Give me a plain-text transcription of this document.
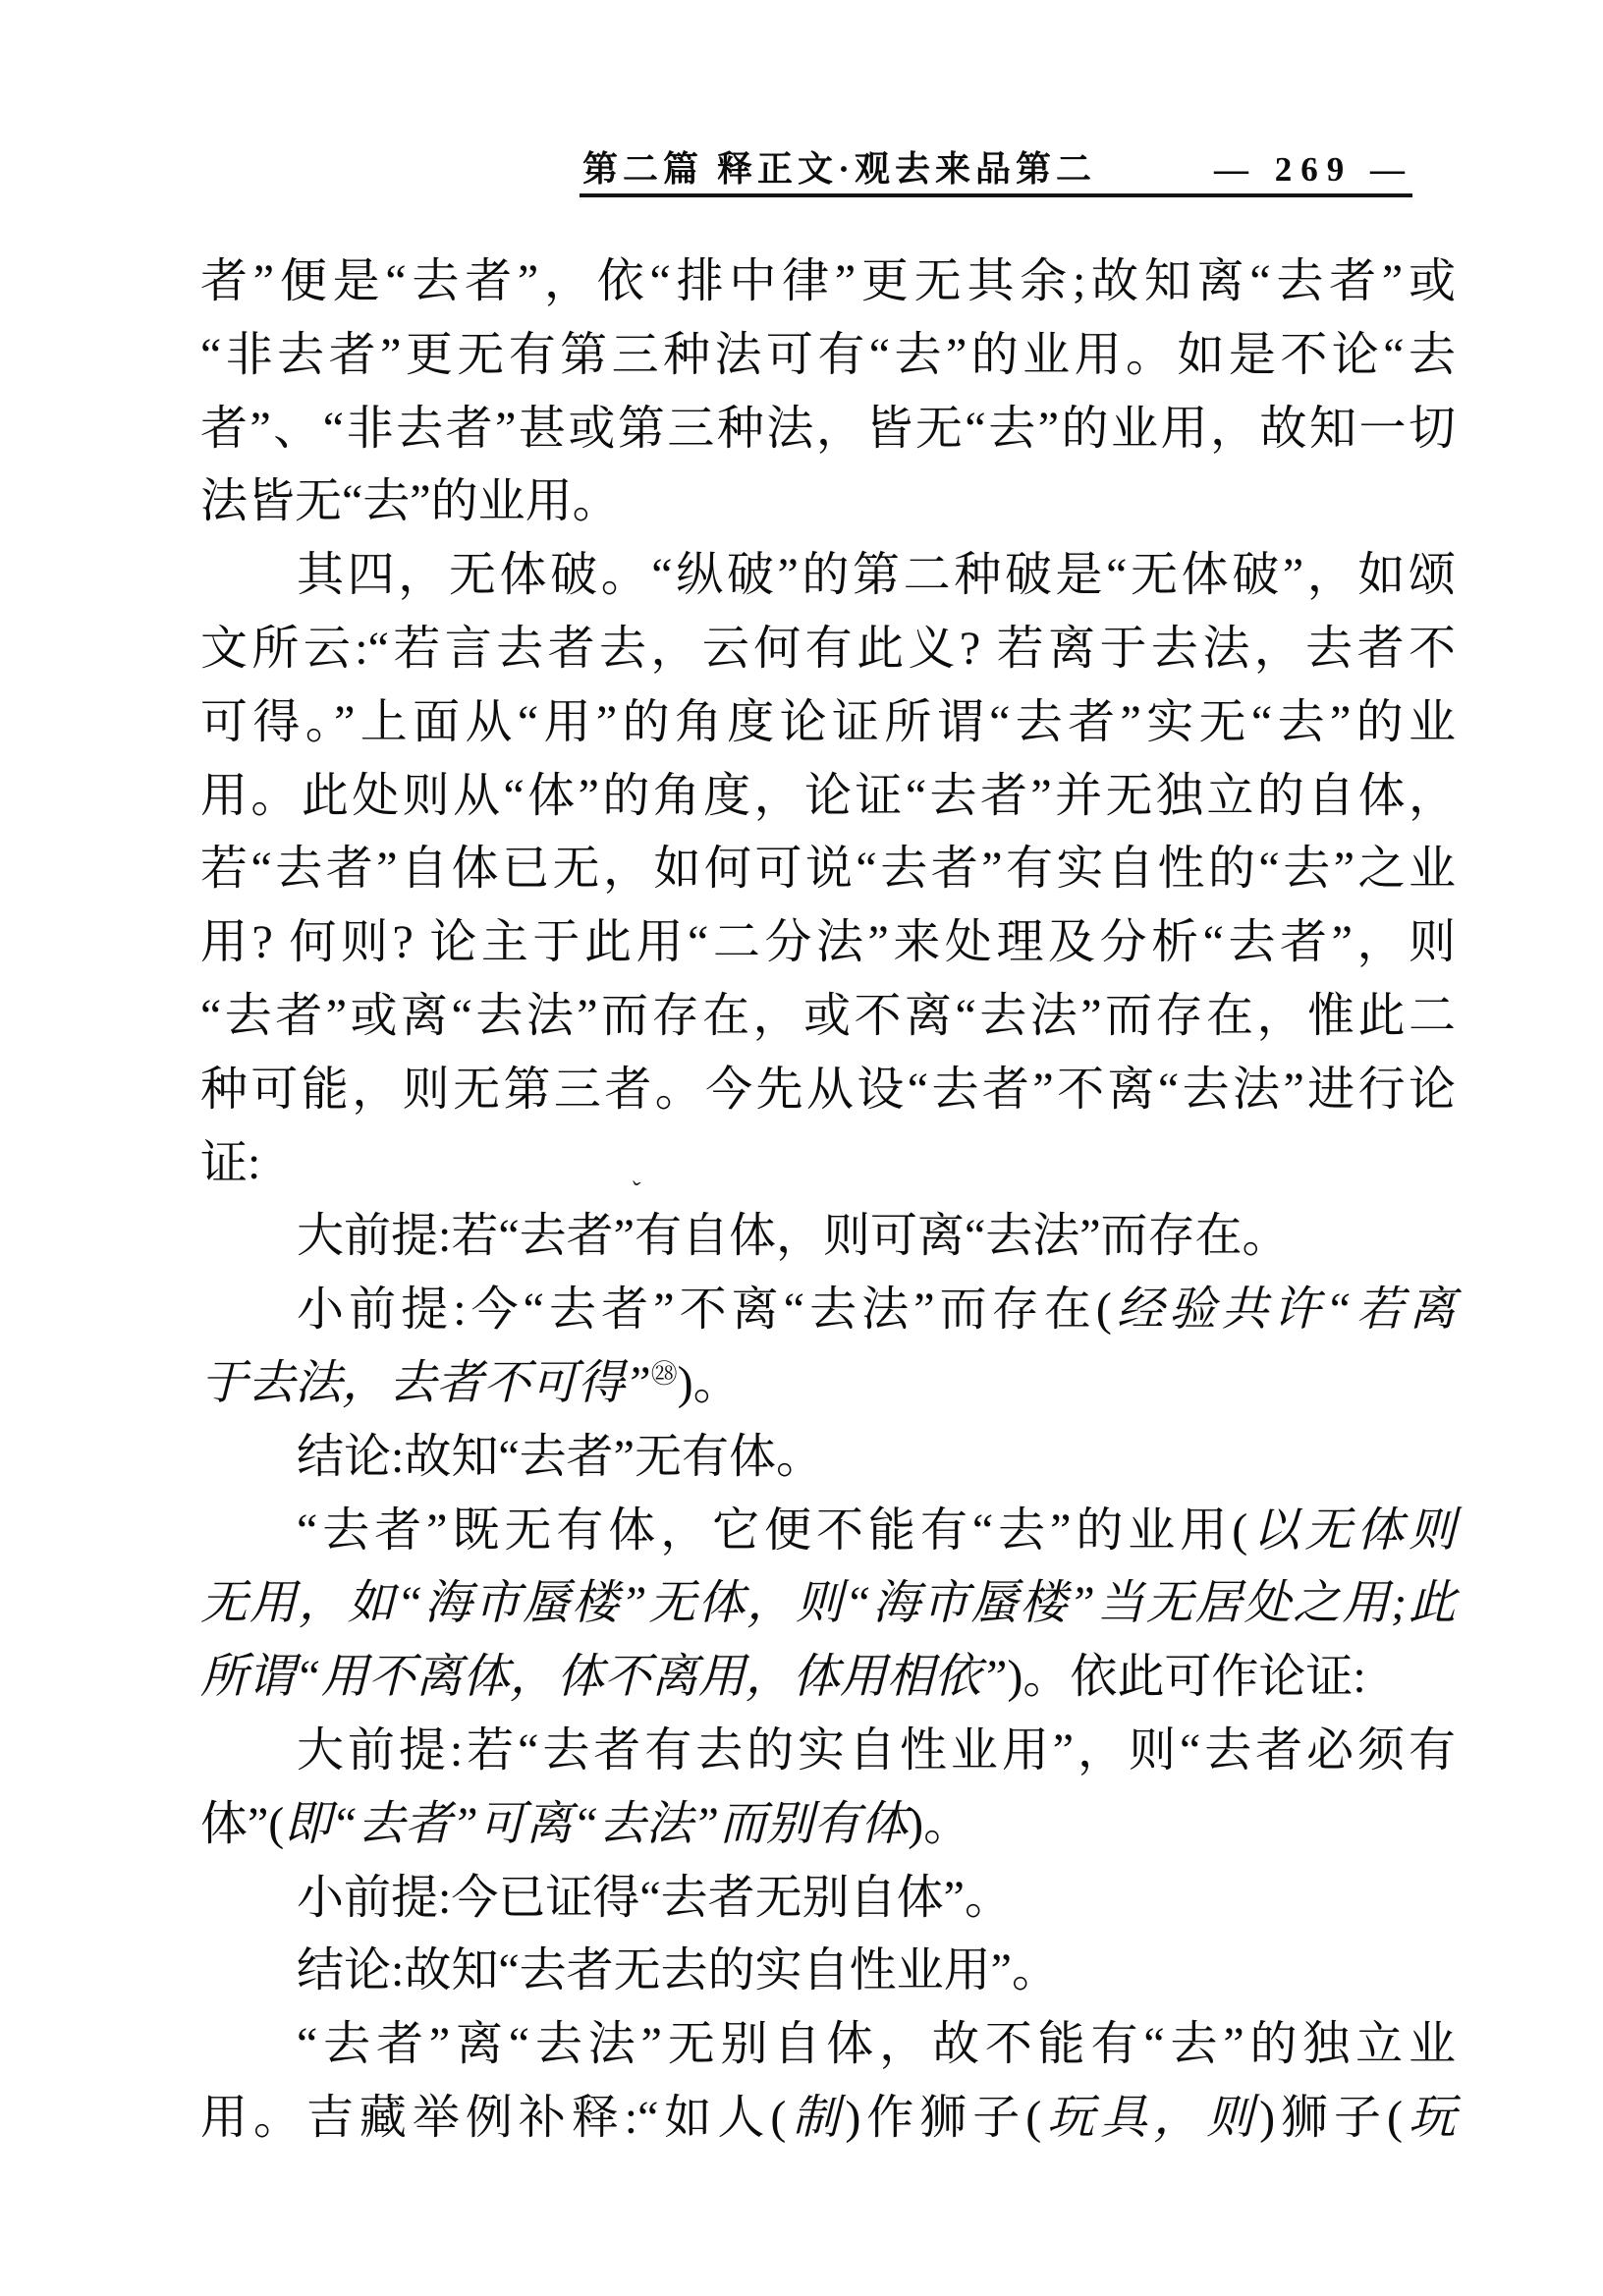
第二篇 释正文·观去来品第二	— 269 —
ˇ
者”便是“去者”，依“排中律”更无其余;故知离“去者”或
“非去者”更无有第三种法可有“去”的业用。如是不论“去
者”、“非去者”甚或第三种法，皆无“去”的业用，故知一切
法皆无“去”的业用。
其四，无体破。“纵破”的第二种破是“无体破”，如颂
文所云:“若言去者去，云何有此义? 若离于去法，去者不
可得。”上面从“用”的角度论证所谓“去者”实无“去”的业
用。此处则从“体”的角度，论证“去者”并无独立的自体，
若“去者”自体已无，如何可说“去者”有实自性的“去”之业
用? 何则? 论主于此用“二分法”来处理及分析“去者”，则
“去者”或离“去法”而存在，或不离“去法”而存在，惟此二
种可能，则无第三者。今先从设“去者”不离“去法”进行论
证:
大前提:若“去者”有自体，则可离“去法”而存在。
小前提:今“去者”不离“去法”而存在(经验共许“若离
于去法，去者不可得”$^㉘$)。
结论:故知“去者”无有体。
“去者”既无有体，它便不能有“去”的业用(以无体则
无用，如“海市蜃楼”无体，则“海市蜃楼”当无居处之用;此
所谓“用不离体，体不离用，体用相依”)。依此可作论证:
大前提:若“去者有去的实自性业用”，则“去者必须有
体”(即“去者”可离“去法”而别有体)。
小前提:今已证得“去者无别自体”。
结论:故知“去者无去的实自性业用”。
“去者”离“去法”无别自体，故不能有“去”的独立业
用。吉藏举例补释:“如人(制)作狮子(玩具，则)狮子(玩
